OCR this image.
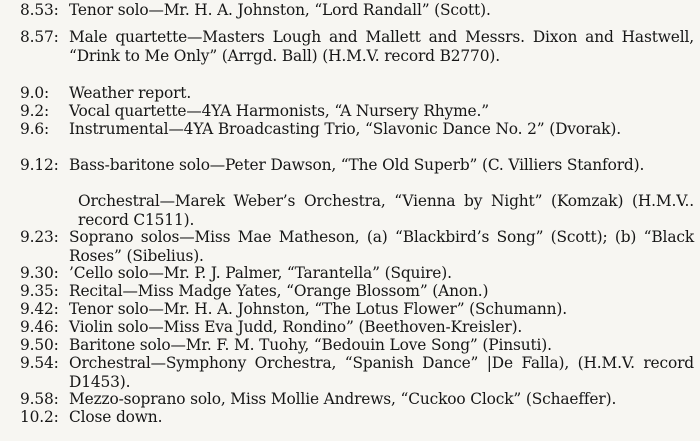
8.53: Tenor solo—Mr. H. A. Johnston, “Lord Randall” (Scott).
8.57: Male quartette—Masters Lough and Mallett and Messrs. Dixon and Hastwell, “Drink to Me Only” (Arrgd. Ball) (H.M.V. record B2770).
9.0:	Weather report.
9.2:	Vocal quartette—4YA Harmonists, “A Nursery Rhyme.”
9.6:	Instrumental—4YA Broadcasting Trio, “Slavonic Dance No. 2” (Dvorak).
9.12: Bass-baritone solo—Peter Dawson, “The Old Superb” (C. Villiers Stanford).
Orchestral—Marek Weber’s Orchestra, “Vienna by Night” (Komzak) (H.M.V.. record C1511).
9.23: Soprano solos—Miss Mae Matheson, (a) “Blackbird’s Song” (Scott); (b) “Black Roses” (Sibelius).
9.30: ’Cello solo—Mr. P. J. Palmer, “Tarantella” (Squire).
9.35: Recital—Miss Madge Yates, “Orange Blossom” (Anon.)
9.42: Tenor solo—Mr. H. A. Johnston, “The Lotus Flower” (Schumann).
9.46: Violin solo—Miss Eva Judd, Rondino” (Beethoven-Kreisler).
9.50: Baritone solo—Mr. F. M. Tuohy, “Bedouin Love Song” (Pinsuti).
9.54: Orchestral—Symphony Orchestra, “Spanish Dance” |De Falla), (H.M.V. record D1453).
9.58: Mezzo-soprano solo, Miss Mollie Andrews, “Cuckoo Clock” (Schaeffer).
10.2: Close down.
